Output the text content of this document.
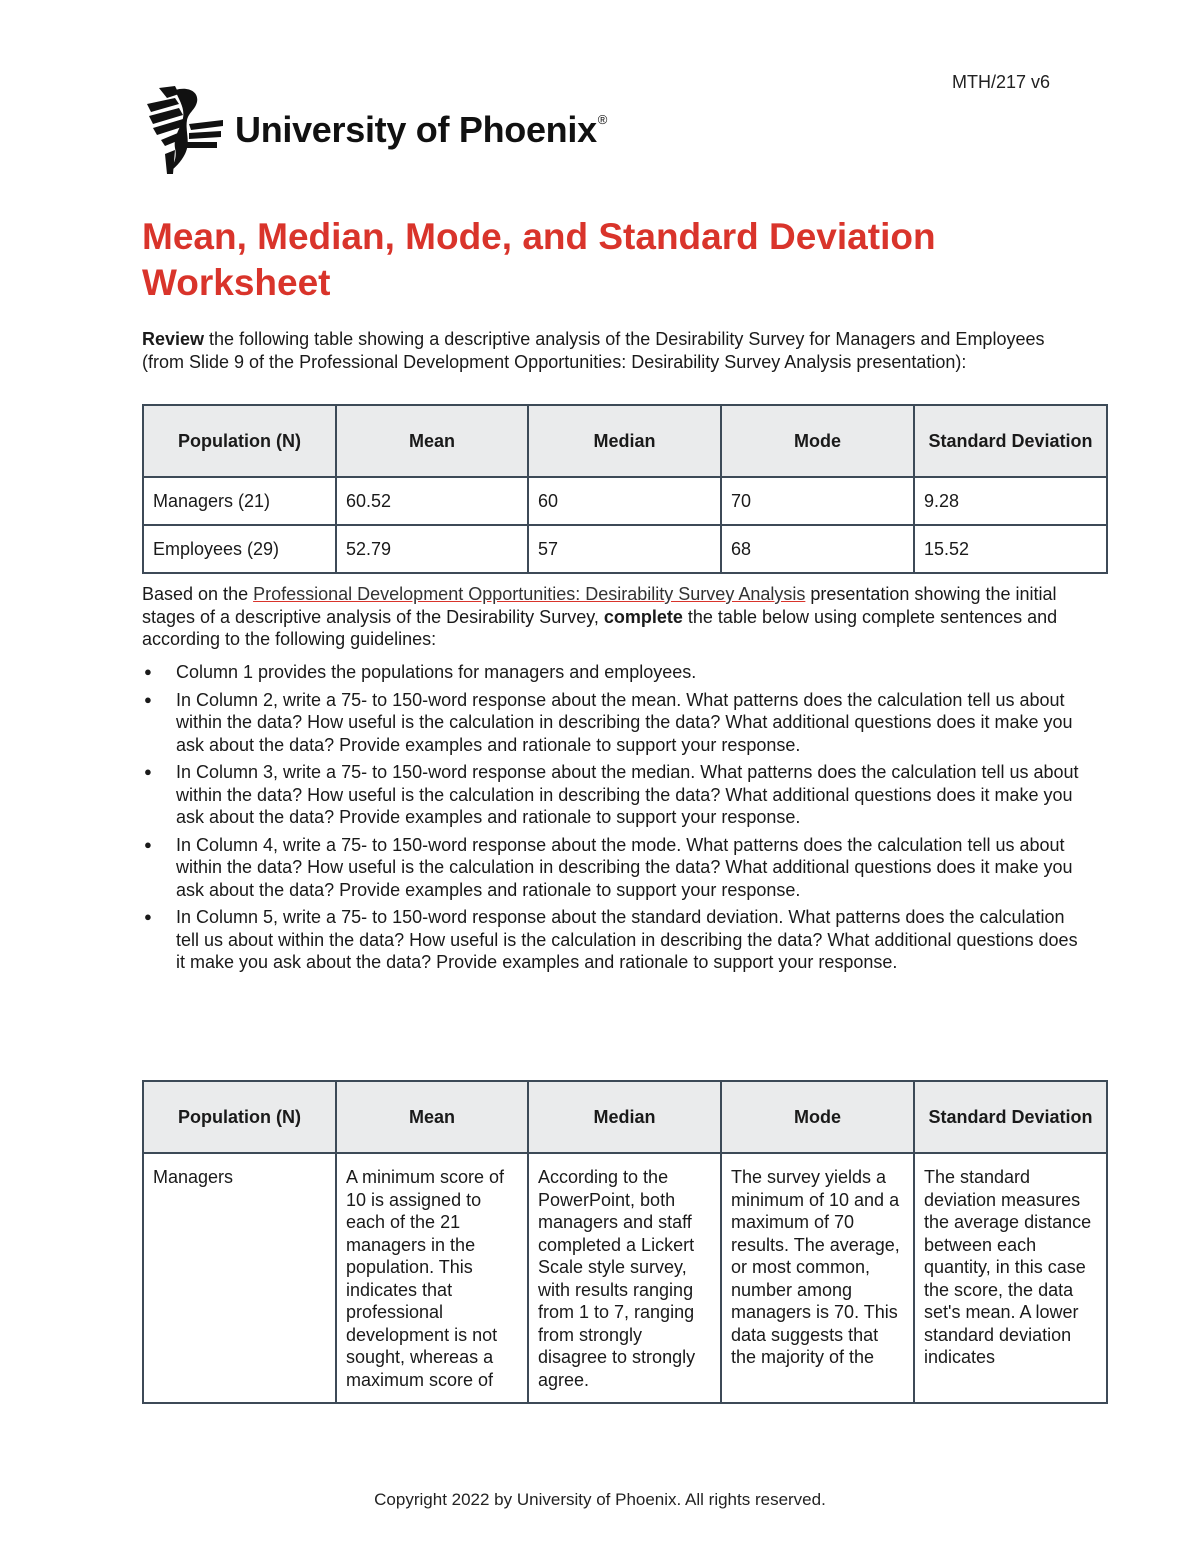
MTH/217 v6
University of Phoenix®
Mean, Median, Mode, and Standard Deviation Worksheet
Review the following table showing a descriptive analysis of the Desirability Survey for Managers and Employees (from Slide 9 of the Professional Development Opportunities: Desirability Survey Analysis presentation):
Population (N)	Mean	Median	Mode	Standard Deviation
Managers (21)	60.52	60	70	9.28
Employees (29)	52.79	57	68	15.52
Based on the Professional Development Opportunities: Desirability Survey Analysis presentation showing the initial stages of a descriptive analysis of the Desirability Survey, complete the table below using complete sentences and according to the following guidelines:
● Column 1 provides the populations for managers and employees.
● In Column 2, write a 75- to 150-word response about the mean. What patterns does the calculation tell us about within the data? How useful is the calculation in describing the data? What additional questions does it make you ask about the data? Provide examples and rationale to support your response.
● In Column 3, write a 75- to 150-word response about the median. What patterns does the calculation tell us about within the data? How useful is the calculation in describing the data? What additional questions does it make you ask about the data? Provide examples and rationale to support your response.
● In Column 4, write a 75- to 150-word response about the mode. What patterns does the calculation tell us about within the data? How useful is the calculation in describing the data? What additional questions does it make you ask about the data? Provide examples and rationale to support your response.
● In Column 5, write a 75- to 150-word response about the standard deviation. What patterns does the calculation tell us about within the data? How useful is the calculation in describing the data? What additional questions does it make you ask about the data? Provide examples and rationale to support your response.
Population (N)	Mean	Median	Mode	Standard Deviation
Managers	A minimum score of 10 is assigned to each of the 21 managers in the population. This indicates that professional development is not sought, whereas a maximum score of	According to the PowerPoint, both managers and staff completed a Lickert Scale style survey, with results ranging from 1 to 7, ranging from strongly disagree to strongly agree.	The survey yields a minimum of 10 and a maximum of 70 results. The average, or most common, number among managers is 70. This data suggests that the majority of the	The standard deviation measures the average distance between each quantity, in this case the score, the data set's mean. A lower standard deviation indicates
Copyright 2022 by University of Phoenix. All rights reserved.
